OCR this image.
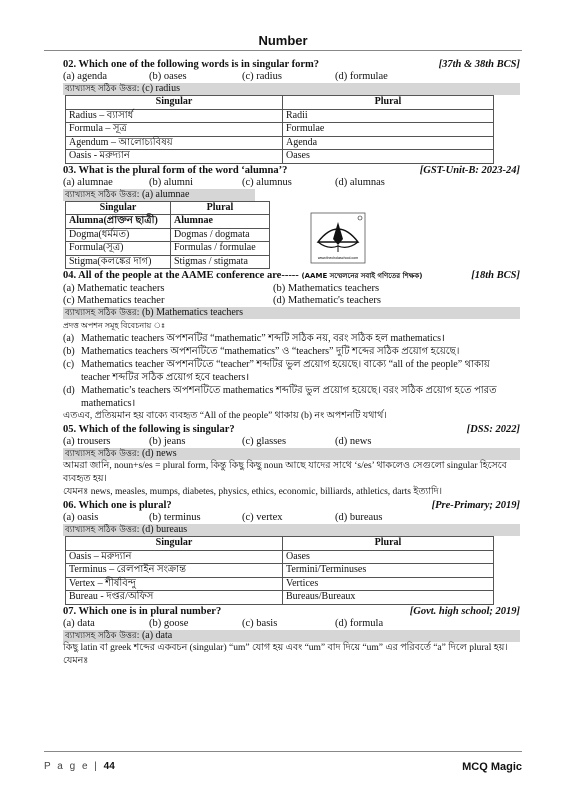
Number
www.thecholaschool.com
02. Which one of the following words is in singular form?	[37th & 38th BCS]
(a) agenda	(b) oases	(c) radius	(d) formulae
ব্যাখ্যাসহ সঠিক উত্তর: (c) radius
Singular	Plural
Radius – ব্যাসার্ধ	Radii
Formula – সূত্র	Formulae
Agendum – আলোচ্যবিষয়	Agenda
Oasis - মরুদ্যান	Oases
03. What is the plural form of the word ‘alumna’?	[GST-Unit-B: 2023-24]
(a) alumnae	(b) alumni	(c) alumnus	(d) alumnas
ব্যাখ্যাসহ সঠিক উত্তর: (a) alumnae
Singular	Plural
Alumna(প্রাক্তন ছাত্রী)	Alumnae
Dogma(ধর্মমত)	Dogmas / dogmata
Formula(সূত্র)	Formulas / formulae
Stigma(কলঙ্কের দাগ)	Stigmas / stigmata
04. All of the people at the AAME conference are----- (AAME সম্মেলনের সবাই গণিতের শিক্ষক)	[18th BCS]
(a) Mathematic teachers	(b) Mathematics teachers
(c) Mathematics teacher	(d) Mathematic's teachers
ব্যাখ্যাসহ সঠিক উত্তর: (b) Mathematics teachers
প্রদত্ত অপশন সমূহ বিবেচনায় ঃ
(a) Mathematic teachers অপশনটির “mathematic” শব্দটি সঠিক নয়, বরং সঠিক হল mathematics।
(b) Mathematics teachers অপশনটিতে “mathematics” ও “teachers” দুটি শব্দের সঠিক প্রয়োগ হয়েছে।
(c) Mathematics teacher অপশনটিতে “teacher” শব্দটির ভুল প্রয়োগ হয়েছে। বাক্যে “all of the people” থাকায় teacher শব্দটির সঠিক প্রয়োগ হবে teachers।
(d) Mathematic’s teachers অপশনটিতে mathematics শব্দটির ভুল প্রয়োগ হয়েছে। বরং সঠিক প্রয়োগ হতে পারত mathematics।
এতএব, প্রতিয়মান হয় বাক্যে ব্যবহৃত “All of the people” থাকায় (b) নং অপশনটি যথার্থ।
05. Which of the following is singular?	[DSS: 2022]
(a) trousers	(b) jeans	(c) glasses	(d) news
ব্যাখ্যাসহ সঠিক উত্তর: (d) news
আমরা জানি, noun+s/es = plural form, কিন্তু কিছু কিছু noun আছে যাদের সাথে ‘s/es’ থাকলেও সেগুলো singular হিসেবে ব্যবহৃত হয়।
যেমনঃ news, measles, mumps, diabetes, physics, ethics, economic, billiards, athletics, darts ইত্যাদি।
06. Which one is plural?	[Pre-Primary; 2019]
(a) oasis	(b) terminus	(c) vertex	(d) bureaus
ব্যাখ্যাসহ সঠিক উত্তর: (d) bureaus
Singular	Plural
Oasis – মরুদ্যান	Oases
Terminus – রেলপাইন সংক্রান্ত	Termini/Terminuses
Vertex – শীর্ষবিন্দু	Vertices
Bureau - দপ্তর/অফিস	Bureaus/Bureaux
07. Which one is in plural number?	[Govt. high school; 2019]
(a) data	(b) goose	(c) basis	(d) formula
ব্যাখ্যাসহ সঠিক উত্তর: (a) data
কিছু latin বা greek শব্দের একবচন (singular) “um” যোগ হয় এবং “um” বাদ দিয়ে “um” এর পরিবর্তে “a” দিলে plural হয়। যেমনঃ
P a g e | 44	MCQ Magic
